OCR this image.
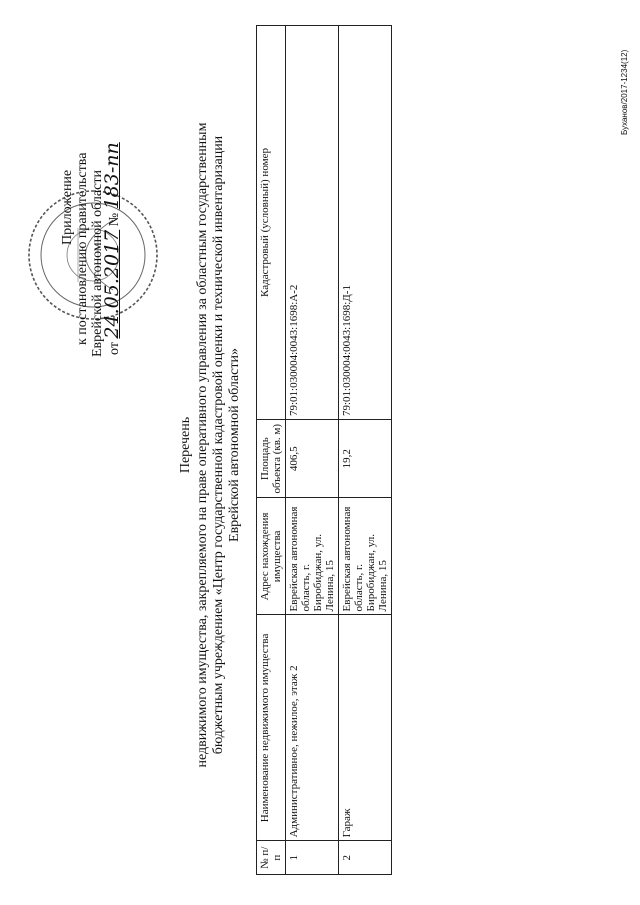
Приложение к постановлению правительства Еврейской автономной области от 24.05.2017 № 183-пп
Перечень недвижимого имущества, закрепляемого на праве оперативного управления за областным государственным бюджетным учреждением «Центр государственной кадастровой оценки и технической инвентаризации Еврейской автономной области»
№ п/п	Наименование недвижимого имущества	Адрес нахождения имущества	Площадь объекта (кв. м)	Кадастровый (условный) номер
1	Административное, нежилое, этаж 2	Еврейская автономная область, г. Биробиджан, ул. Ленина, 15	406,5	79:01:030004:0043:1698:А-2
2	Гараж	Еврейская автономная область, г. Биробиджан, ул. Ленина, 15	19,2	79:01:030004:0043:1698:Д-1
Буханов/2017-1234(12)
